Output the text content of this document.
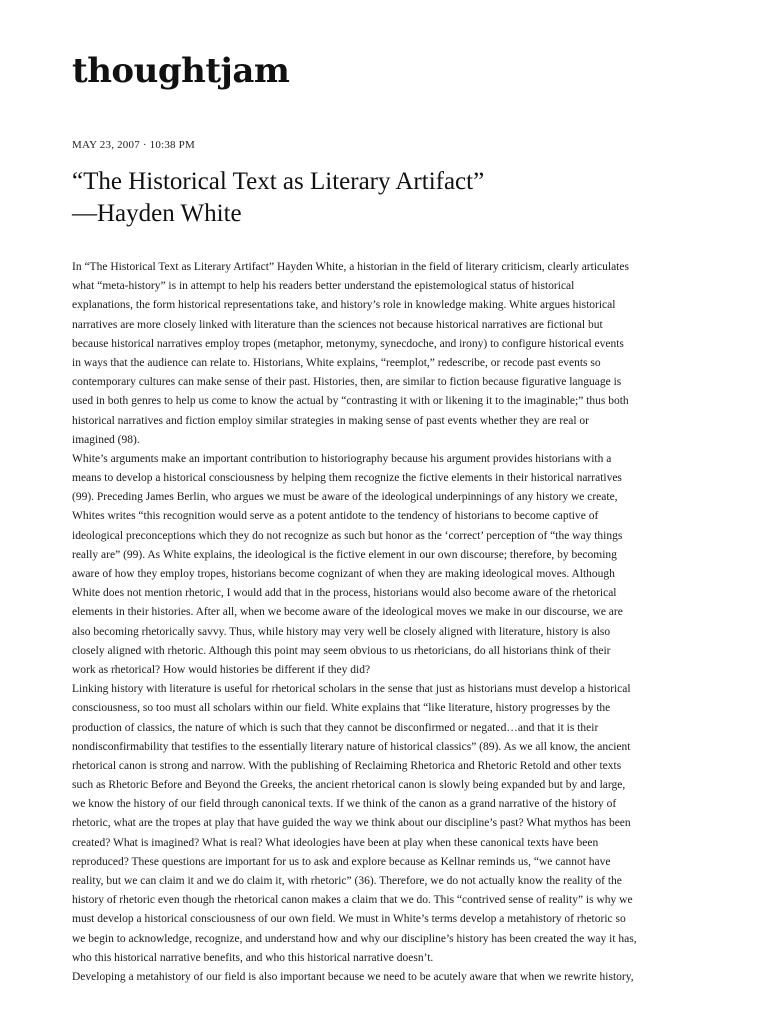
thoughtjam
MAY 23, 2007 · 10:38 PM
“The Historical Text as Literary Artifact”
—Hayden White
In “The Historical Text as Literary Artifact” Hayden White, a historian in the field of literary criticism, clearly articulates
what “meta-history” is in attempt to help his readers better understand the epistemological status of historical
explanations, the form historical representations take, and history’s role in knowledge making. White argues historical
narratives are more closely linked with literature than the sciences not because historical narratives are fictional but
because historical narratives employ tropes (metaphor, metonymy, synecdoche, and irony) to configure historical events
in ways that the audience can relate to. Historians, White explains, “reemplot,” redescribe, or recode past events so
contemporary cultures can make sense of their past. Histories, then, are similar to fiction because figurative language is
used in both genres to help us come to know the actual by “contrasting it with or likening it to the imaginable;” thus both
historical narratives and fiction employ similar strategies in making sense of past events whether they are real or
imagined (98).
White’s arguments make an important contribution to historiography because his argument provides historians with a
means to develop a historical consciousness by helping them recognize the fictive elements in their historical narratives
(99). Preceding James Berlin, who argues we must be aware of the ideological underpinnings of any history we create,
Whites writes “this recognition would serve as a potent antidote to the tendency of historians to become captive of
ideological preconceptions which they do not recognize as such but honor as the ‘correct’ perception of “the way things
really are” (99). As White explains, the ideological is the fictive element in our own discourse; therefore, by becoming
aware of how they employ tropes, historians become cognizant of when they are making ideological moves. Although
White does not mention rhetoric, I would add that in the process, historians would also become aware of the rhetorical
elements in their histories. After all, when we become aware of the ideological moves we make in our discourse, we are
also becoming rhetorically savvy. Thus, while history may very well be closely aligned with literature, history is also
closely aligned with rhetoric. Although this point may seem obvious to us rhetoricians, do all historians think of their
work as rhetorical? How would histories be different if they did?
Linking history with literature is useful for rhetorical scholars in the sense that just as historians must develop a historical
consciousness, so too must all scholars within our field. White explains that “like literature, history progresses by the
production of classics, the nature of which is such that they cannot be disconfirmed or negated…and that it is their
nondisconfirmability that testifies to the essentially literary nature of historical classics” (89). As we all know, the ancient
rhetorical canon is strong and narrow. With the publishing of Reclaiming Rhetorica and Rhetoric Retold and other texts
such as Rhetoric Before and Beyond the Greeks, the ancient rhetorical canon is slowly being expanded but by and large,
we know the history of our field through canonical texts. If we think of the canon as a grand narrative of the history of
rhetoric, what are the tropes at play that have guided the way we think about our discipline’s past? What mythos has been
created? What is imagined? What is real? What ideologies have been at play when these canonical texts have been
reproduced? These questions are important for us to ask and explore because as Kellnar reminds us, “we cannot have
reality, but we can claim it and we do claim it, with rhetoric” (36). Therefore, we do not actually know the reality of the
history of rhetoric even though the rhetorical canon makes a claim that we do. This “contrived sense of reality” is why we
must develop a historical consciousness of our own field. We must in White’s terms develop a metahistory of rhetoric so
we begin to acknowledge, recognize, and understand how and why our discipline’s history has been created the way it has,
who this historical narrative benefits, and who this historical narrative doesn’t.
Developing a metahistory of our field is also important because we need to be acutely aware that when we rewrite history,
